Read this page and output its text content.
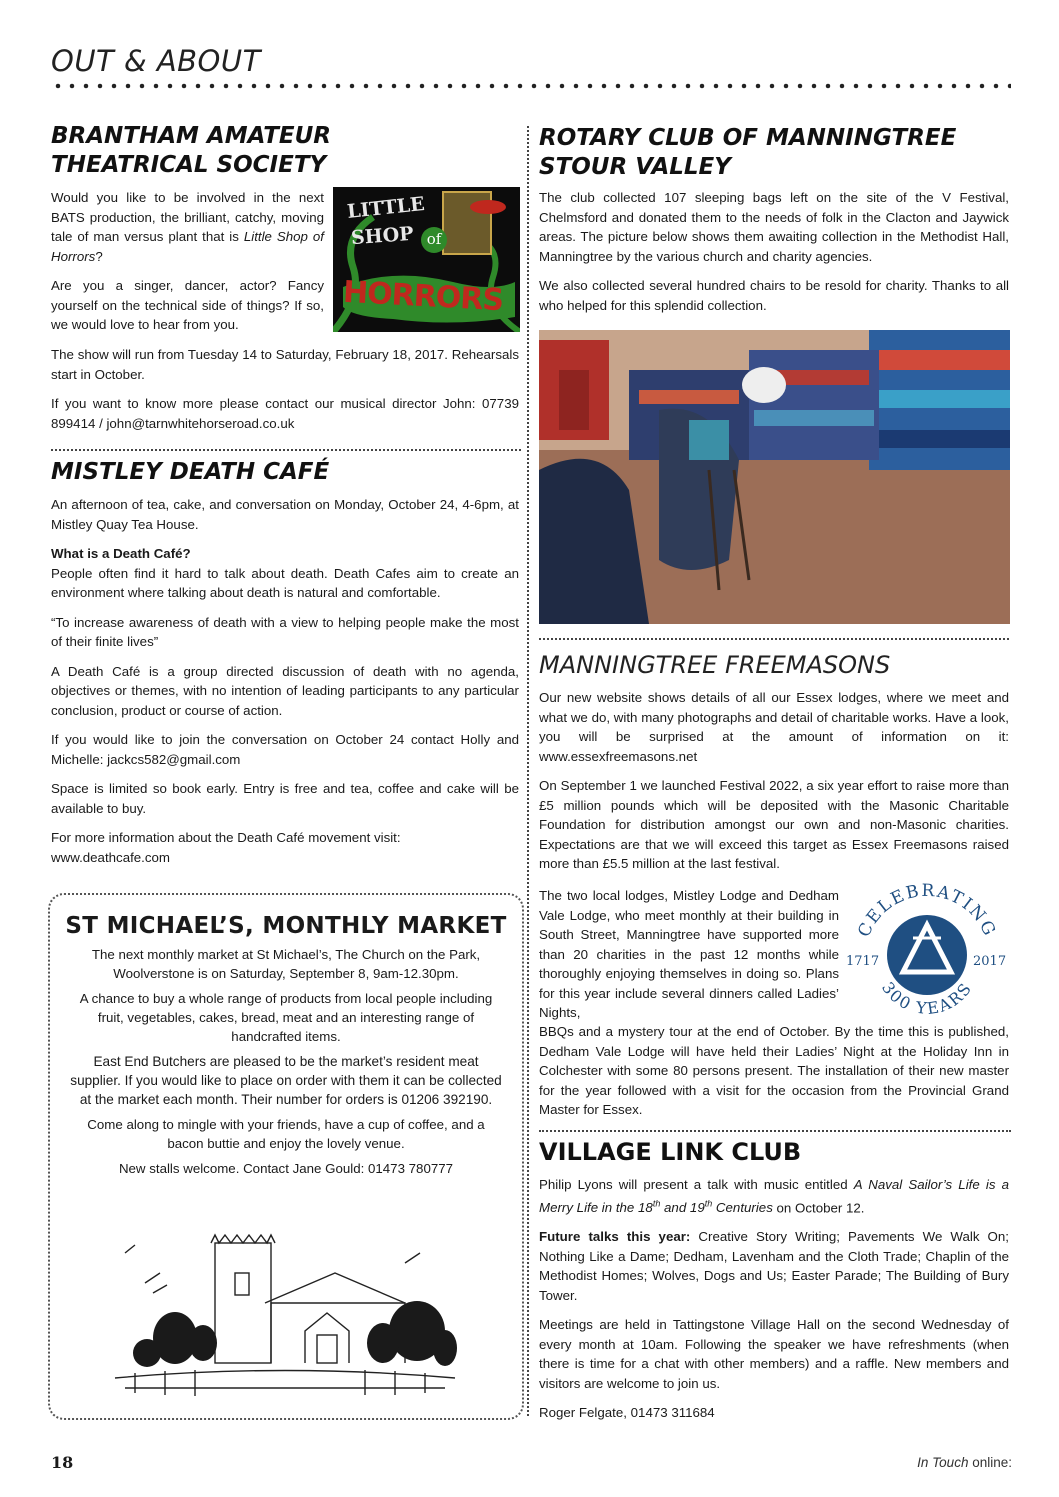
OUT & ABOUT
BRANTHAM AMATEUR
THEATRICAL SOCIETY
LITTLE
SHOP of
HORRORS

Would you like to be involved in the next BATS production, the brilliant, catchy, moving tale of man versus plant that is Little Shop of Horrors?

Are you a singer, dancer, actor? Fancy yourself on the technical side of things? If so, we would love to hear from you.

The show will run from Tuesday 14 to Saturday, February 18, 2017. Rehearsals start in October.

If you want to know more please contact our musical director John: 07739 899414 / john@tarnwhitehorseroad.co.uk

MISTLEY DEATH CAFÉ

An afternoon of tea, cake, and conversation on Monday, October 24, 4-6pm, at Mistley Quay Tea House.

What is a Death Café?

People often find it hard to talk about death. Death Cafes aim to create an environment where talking about death is natural and comfortable.

“To increase awareness of death with a view to helping people make the most of their finite lives”

A Death Café is a group directed discussion of death with no agenda, objectives or themes, with no intention of leading participants to any particular conclusion, product or course of action.

If you would like to join the conversation on October 24 contact Holly and Michelle: jackcs582@gmail.com

Space is limited so book early. Entry is free and tea, coffee and cake will be available to buy.

For more information about the Death Café movement visit:

www.deathcafe.com

ST MICHAEL’S, MONTHLY MARKET

The next monthly market at St Michael’s, The Church on the Park, Woolverstone is on Saturday, September 8, 9am-12.30pm.

A chance to buy a whole range of products from local people including fruit, vegetables, cakes, bread, meat and an interesting range of handcrafted items.

East End Butchers are pleased to be the market’s resident meat supplier. If you would like to place on order with them it can be collected at the market each month. Their number for orders is 01206 392190.

Come along to mingle with your friends, have a cup of coffee, and a bacon buttie and enjoy the lovely venue.

New stalls welcome. Contact Jane Gould: 01473 780777

ROTARY CLUB OF MANNINGTREE
STOUR VALLEY

The club collected 107 sleeping bags left on the site of the V Festival, Chelmsford and donated them to the needs of folk in the Clacton and Jaywick areas. The picture below shows them awaiting collection in the Methodist Hall, Manningtree by the various church and charity agencies.

We also collected several hundred chairs to be resold for charity. Thanks to all who helped for this splendid collection.

MANNINGTREE FREEMASONS

Our new website shows details of all our Essex lodges, where we meet and what we do, with many photographs and detail of charitable works. Have a look, you will be surprised at the amount of information on it: www.essexfreemasons.net

On September 1 we launched Festival 2022, a six year effort to raise more than £5 million pounds which will be deposited with the Masonic Charitable Foundation for distribution amongst our own and non-Masonic charities. Expectations are that we will exceed this target as Essex Freemasons raised more than £5.5 million at the last festival.

The two local lodges, Mistley Lodge and Dedham Vale Lodge, who meet monthly at their building in South Street, Manningtree have supported more than 20 charities in the past 12 months while thoroughly enjoying themselves in doing so. Plans for this year include several dinners called Ladies’ Nights,

CELEBRATING
300 YEARS
1717	2017

BBQs and a mystery tour at the end of October. By the time this is published, Dedham Vale Lodge will have held their Ladies’ Night at the Holiday Inn in Colchester with some 80 persons present. The installation of their new master for the year followed with a visit for the occasion from the Provincial Grand Master for Essex.

VILLAGE LINK CLUB

Philip Lyons will present a talk with music entitled A Naval Sailor’s Life is a Merry Life in the 18th and 19th Centuries on October 12.

Future talks this year: Creative Story Writing; Pavements We Walk On; Nothing Like a Dame; Dedham, Lavenham and the Cloth Trade; Chaplin of the Methodist Homes; Wolves, Dogs and Us; Easter Parade; The Building of Bury Tower.

Meetings are held in Tattingstone Village Hall on the second Wednesday of every month at 10am. Following the speaker we have refreshments (when there is time for a chat with other members) and a raffle. New members and visitors are welcome to join us.

Roger Felgate, 01473 311684

18	In Touch online:
